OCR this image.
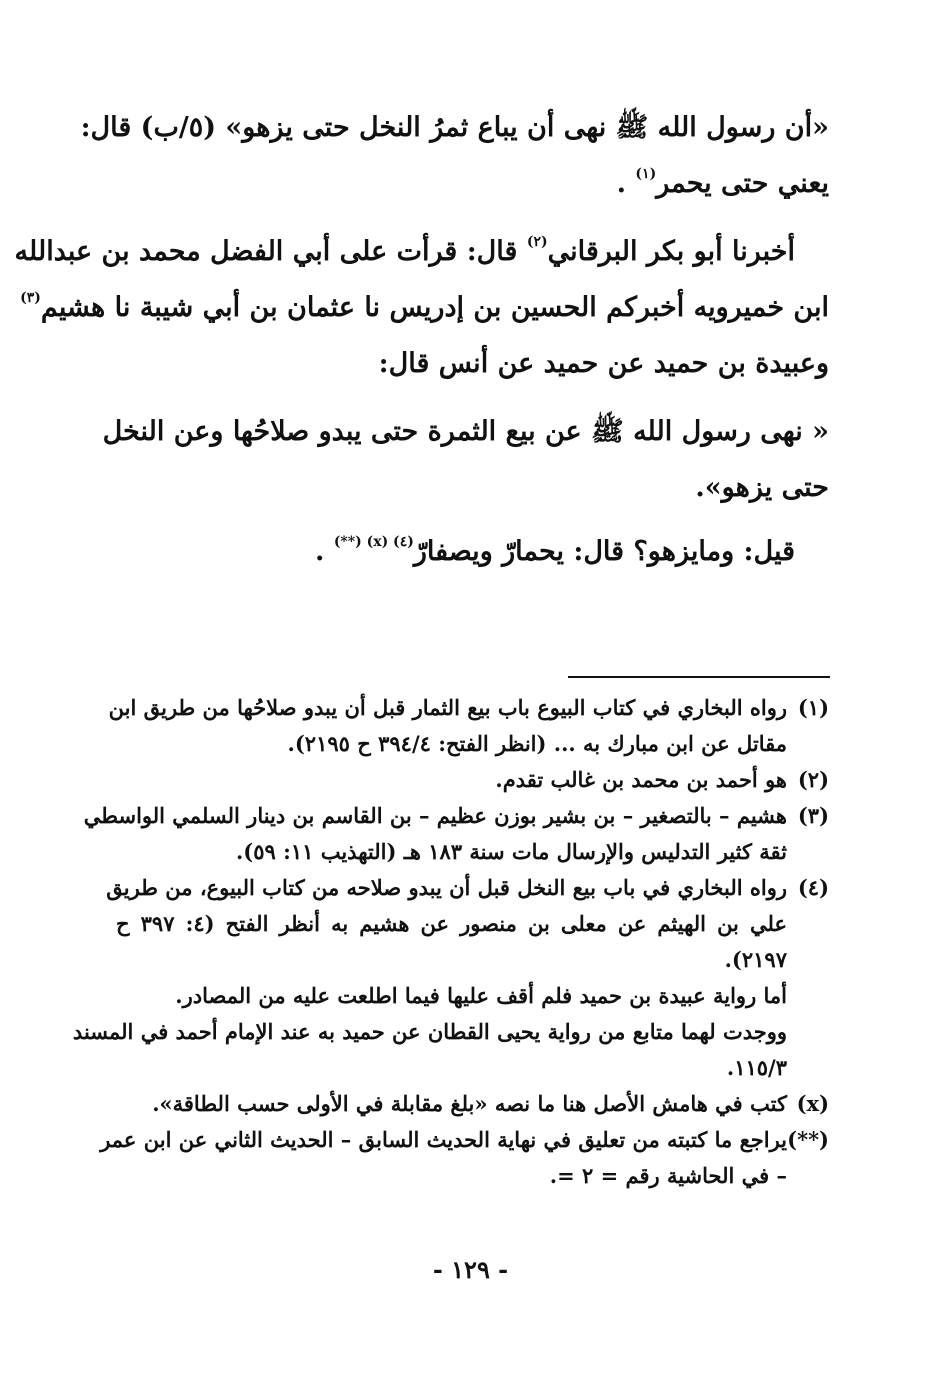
«أن رسول الله ﷺ نهى أن يباع ثمرُ النخل حتى يزهو» (٥/ب) قال:
يعني حتى يحمر$^{(١)}$ .
أخبرنا أبو بكر البرقاني$^{(٢)}$ قال: قرأت على أبي الفضل محمد بن عبدالله
ابن خميرويه أخبركم الحسين بن إدريس نا عثمان بن أبي شيبة نا هشيم$^{(٣)}$
وعبيدة بن حميد عن حميد عن أنس قال:
« نهى رسول الله ﷺ عن بيع الثمرة حتى يبدو صلاحُها وعن النخل
حتى يزهو».
قيل: ومايزهو؟ قال: يحمارّ ويصفارّ$^{(٤) (x) (**)}$ .
(١)
رواه البخاري في كتاب البيوع باب بيع الثمار قبل أن يبدو صلاحُها من طريق ابن
مقاتل عن ابن مبارك به ... (انظر الفتح: ٣٩٤/٤ ح ٢١٩٥).
(٢)
هو أحمد بن محمد بن غالب تقدم.
(٣)
هشيم – بالتصغير – بن بشير بوزن عظيم – بن القاسم بن دينار السلمي الواسطي
ثقة كثير التدليس والإرسال مات سنة ١٨٣ هـ (التهذيب ١١: ٥٩).
(٤)
رواه البخاري في باب بيع النخل قبل أن يبدو صلاحه من كتاب البيوع، من طريق
علي بن الهيثم عن معلى بن منصور عن هشيم به أنظر الفتح (٤: ٣٩٧ ح
٢١٩٧).
أما رواية عبيدة بن حميد فلم أقف عليها فيما اطلعت عليه من المصادر.
ووجدت لهما متابع من رواية يحيى القطان عن حميد به عند الإمام أحمد في المسند
١١٥/٣.
(x)
كتب في هامش الأصل هنا ما نصه «بلغ مقابلة في الأولى حسب الطاقة».
(**)
يراجع ما كتبته من تعليق في نهاية الحديث السابق – الحديث الثاني عن ابن عمر
– في الحاشية رقم = ٢ =.
- ١٢٩ -
